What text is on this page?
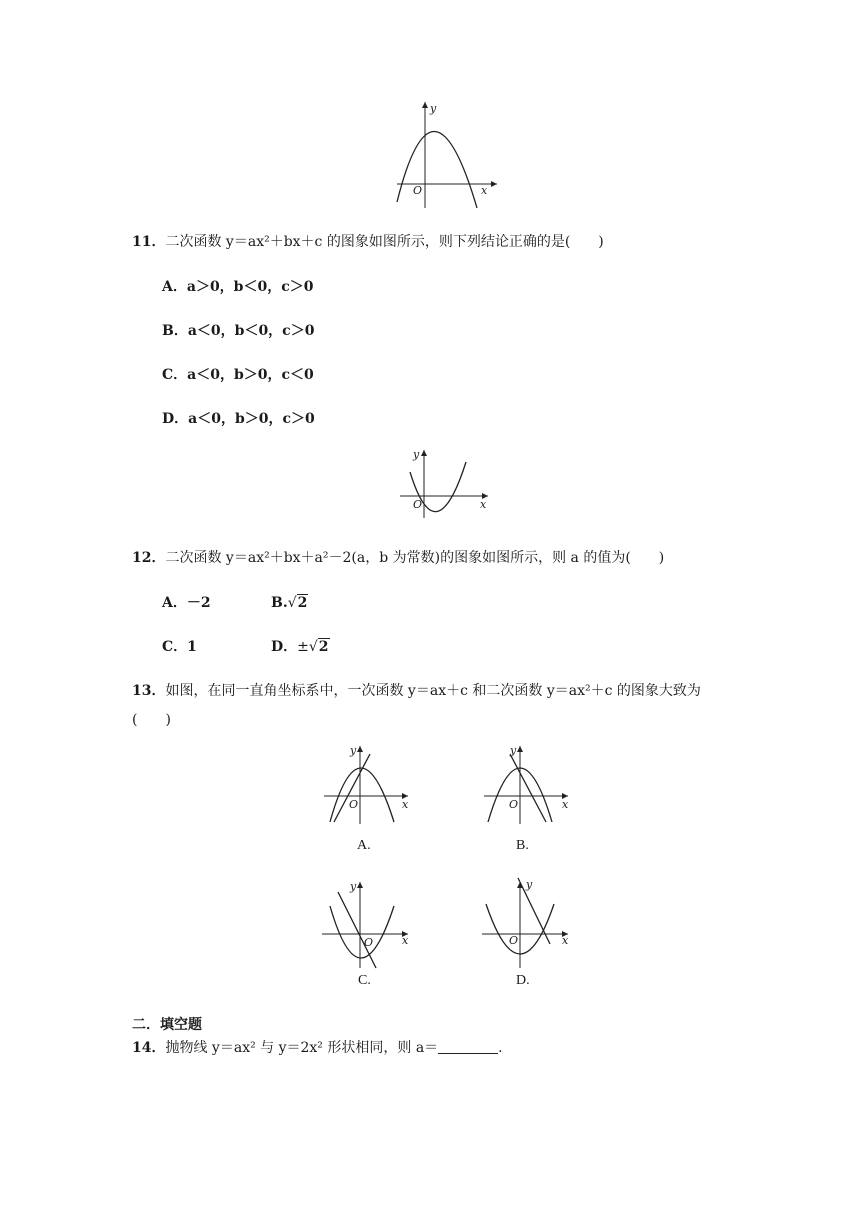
y
x
O
11．二次函数 y＝ax²＋bx＋c 的图象如图所示，则下列结论正确的是(　　)
A．a＞0，b＜0，c＞0
B．a＜0，b＜0，c＞0
C．a＜0，b＞0，c＜0
D．a＜0，b＞0，c＞0
y
x
O
12．二次函数 y＝ax²＋bx＋a²－2(a，b 为常数)的图象如图所示，则 a 的值为(　　)
A．－2	B.√2
C．1	D．±√2
13．如图，在同一直角坐标系中，一次函数 y＝ax＋c 和二次函数 y＝ax²＋c 的图象大致为
(　　)
y
x
O
A.
y
x
O
B.
y
x
O
C.
y
x
O
D.
二．填空题
14．抛物线 y＝ax² 与 y＝2x² 形状相同，则 a＝	.
